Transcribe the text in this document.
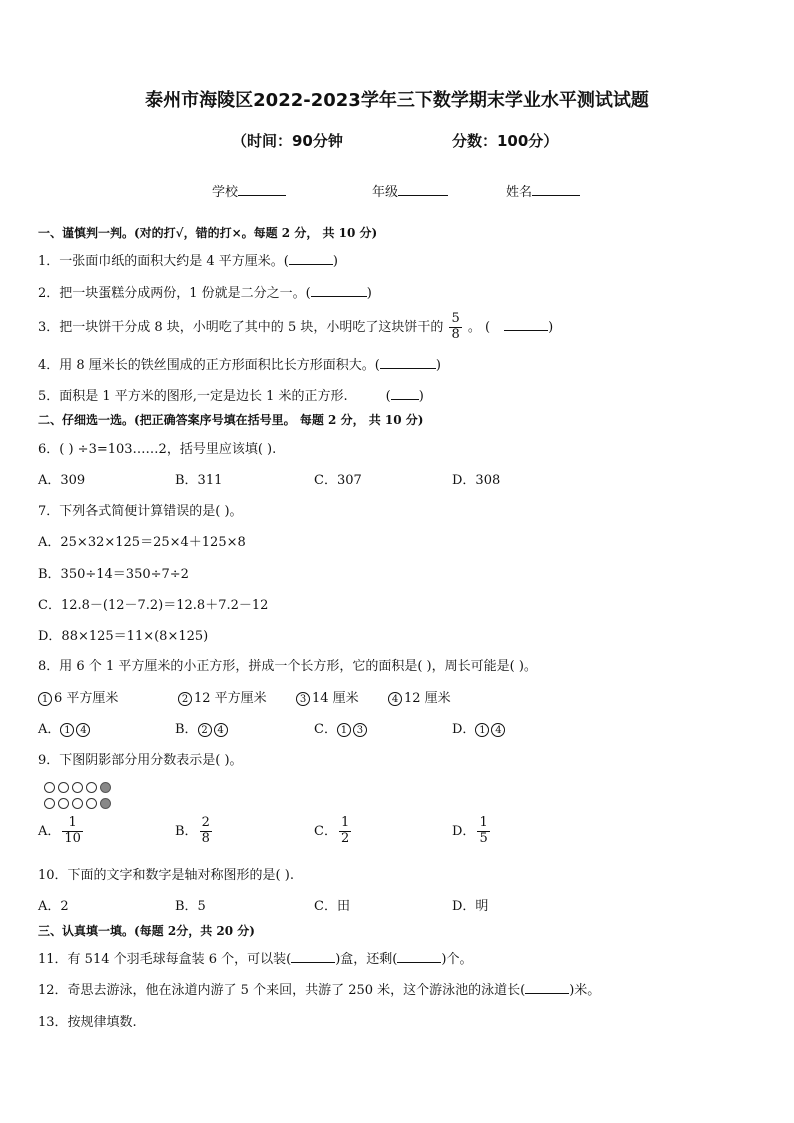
泰州市海陵区2022-2023学年三下数学期末学业水平测试试题
（时间：90分钟	分数：100分）
学校	年级	姓名
一、谨慎判一判。(对的打√，错的打×。每题 2 分， 共 10 分)
1．一张面巾纸的面积大约是 4 平方厘米。(	)
2．把一块蛋糕分成两份，1 份就是二分之一。(	)
3．把一块饼干分成 8 块，小明吃了其中的 5 块，小明吃了这块饼干的 $\frac{5}{8}$ 。 (	)
4．用 8 厘米长的铁丝围成的正方形面积比长方形面积大。(	)
5．面积是 1 平方米的图形,一定是边长 1 米的正方形.	( )
二、仔细选一选。(把正确答案序号填在括号里。 每题 2 分， 共 10 分)
6．( ) ÷3=103……2，括号里应该填( ).
A．309	B．311	C．307	D．308
7．下列各式简便计算错误的是( )。
A．25×32×125＝25×4＋125×8
B．350÷14＝350÷7÷2
C．12.8－(12－7.2)＝12.8＋7.2－12
D．88×125＝11×(8×125)
8．用 6 个 1 平方厘米的小正方形，拼成一个长方形，它的面积是( )，周长可能是( )。
1 6 平方厘米	2 12 平方厘米	3 14 厘米	4 12 厘米
A． 1 4	B． 2 4	C． 1 3	D． 1 4
9．下图阴影部分用分数表示是( )。
A． $\frac{1}{10}$	B． $\frac{2}{8}$	C． $\frac{1}{2}$	D． $\frac{1}{5}$
10．下面的文字和数字是轴对称图形的是( ).
A．2	B．5	C．田	D．明
三、认真填一填。(每题 2分，共 20 分)
11．有 514 个羽毛球每盒装 6 个，可以装(	)盒，还剩(	)个。
12．奇思去游泳，他在泳道内游了 5 个来回，共游了 250 米，这个游泳池的泳道长(	)米。
13．按规律填数.
